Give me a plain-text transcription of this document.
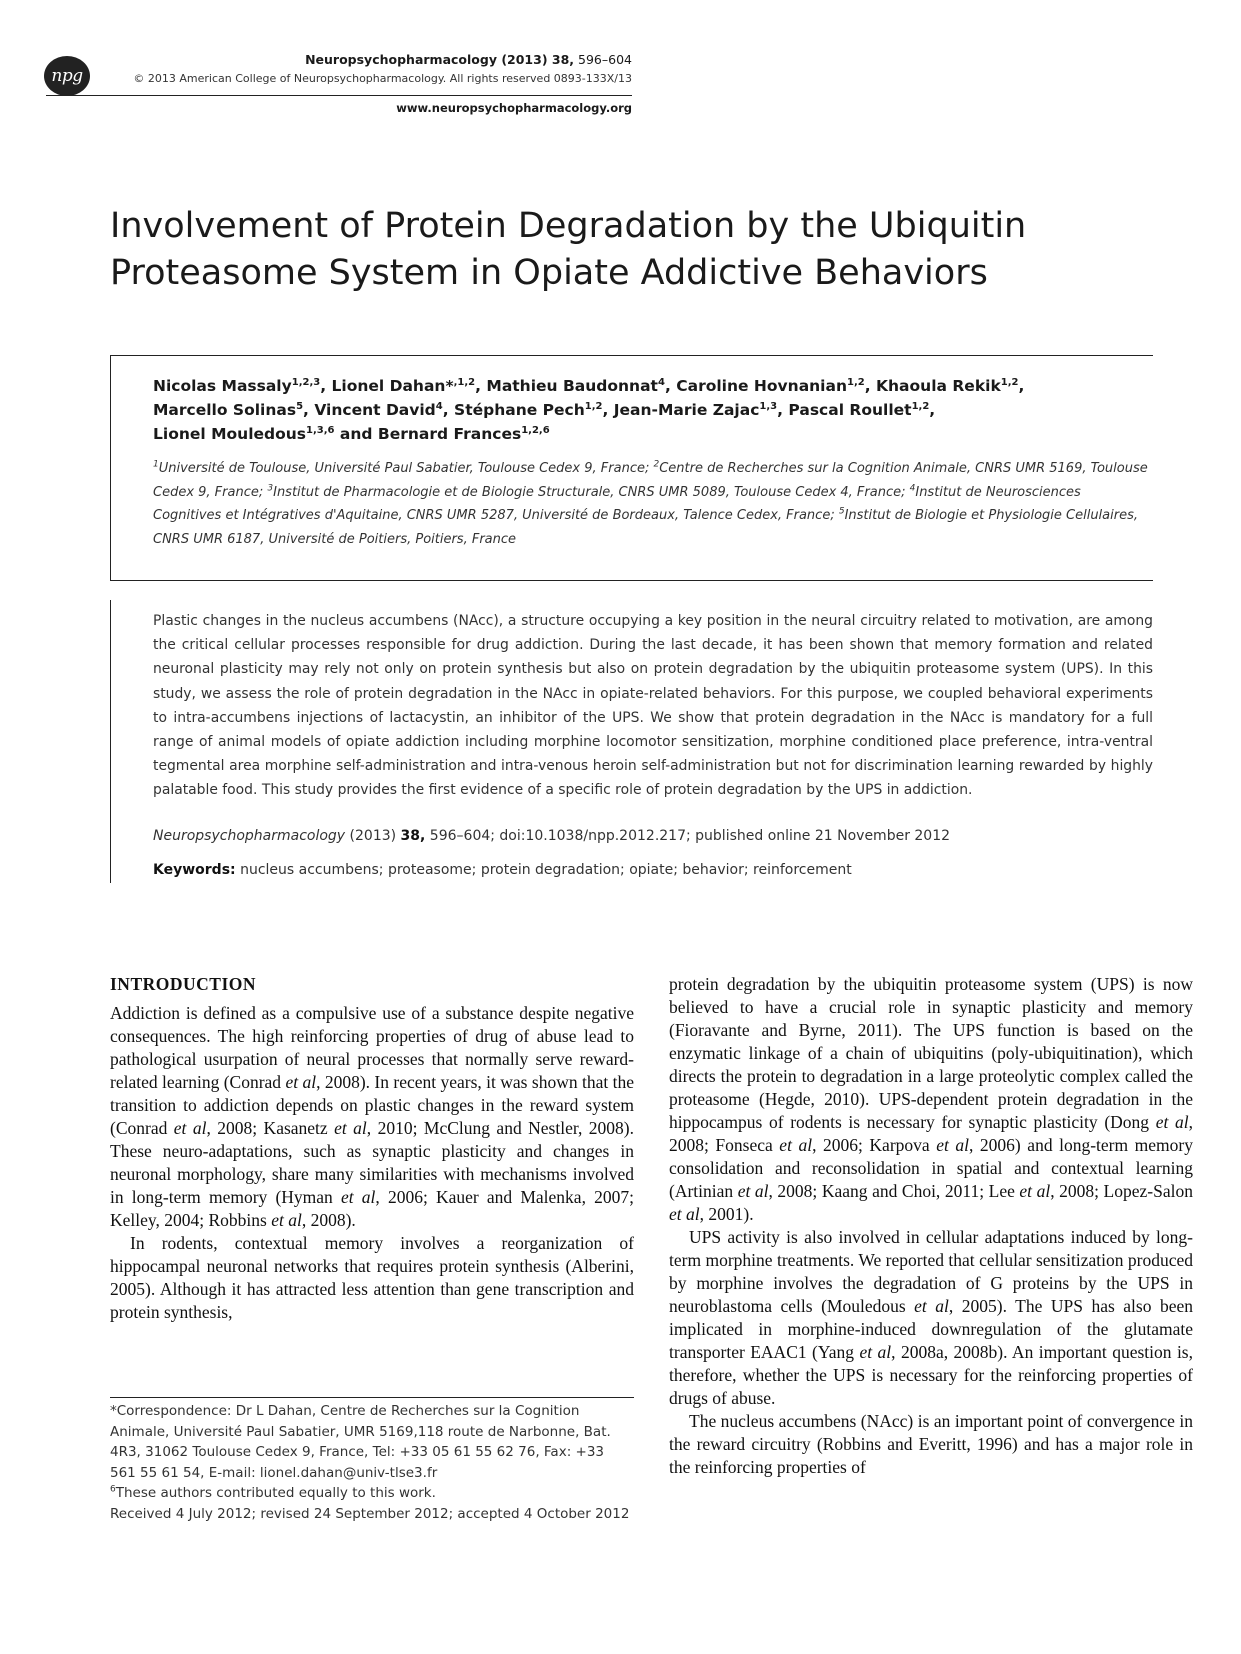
npg
Neuropsychopharmacology (2013) 38, 596–604
© 2013 American College of Neuropsychopharmacology. All rights reserved 0893-133X/13
www.neuropsychopharmacology.org
Involvement of Protein Degradation by the Ubiquitin Proteasome System in Opiate Addictive Behaviors
Nicolas Massaly$^{1,2,3}$, Lionel Dahan*$^{,1,2}$, Mathieu Baudonnat$^4$, Caroline Hovnanian$^{1,2}$, Khaoula Rekik$^{1,2}$,
Marcello Solinas$^5$, Vincent David$^4$, Stéphane Pech$^{1,2}$, Jean-Marie Zajac$^{1,3}$, Pascal Roullet$^{1,2}$,
Lionel Mouledous$^{1,3,6}$ and Bernard Frances$^{1,2,6}$
$^1$Université de Toulouse, Université Paul Sabatier, Toulouse Cedex 9, France; $^2$Centre de Recherches sur la Cognition Animale, CNRS UMR 5169, Toulouse Cedex 9, France; $^3$Institut de Pharmacologie et de Biologie Structurale, CNRS UMR 5089, Toulouse Cedex 4, France; $^4$Institut de Neurosciences Cognitives et Intégratives d'Aquitaine, CNRS UMR 5287, Université de Bordeaux, Talence Cedex, France; $^5$Institut de Biologie et Physiologie Cellulaires, CNRS UMR 6187, Université de Poitiers, Poitiers, France
Plastic changes in the nucleus accumbens (NAcc), a structure occupying a key position in the neural circuitry related to motivation, are among the critical cellular processes responsible for drug addiction. During the last decade, it has been shown that memory formation and related neuronal plasticity may rely not only on protein synthesis but also on protein degradation by the ubiquitin proteasome system (UPS). In this study, we assess the role of protein degradation in the NAcc in opiate-related behaviors. For this purpose, we coupled behavioral experiments to intra-accumbens injections of lactacystin, an inhibitor of the UPS. We show that protein degradation in the NAcc is mandatory for a full range of animal models of opiate addiction including morphine locomotor sensitization, morphine conditioned place preference, intra-ventral tegmental area morphine self-administration and intra-venous heroin self-administration but not for discrimination learning rewarded by highly palatable food. This study provides the first evidence of a specific role of protein degradation by the UPS in addiction.
Neuropsychopharmacology (2013) 38, 596–604; doi:10.1038/npp.2012.217; published online 21 November 2012
Keywords: nucleus accumbens; proteasome; protein degradation; opiate; behavior; reinforcement
INTRODUCTION

Addiction is defined as a compulsive use of a substance despite negative consequences. The high reinforcing properties of drug of abuse lead to pathological usurpation of neural processes that normally serve reward-related learning (Conrad et al, 2008). In recent years, it was shown that the transition to addiction depends on plastic changes in the reward system (Conrad et al, 2008; Kasanetz et al, 2010; McClung and Nestler, 2008). These neuro-adaptations, such as synaptic plasticity and changes in neuronal morphology, share many similarities with mechanisms involved in long-term memory (Hyman et al, 2006; Kauer and Malenka, 2007; Kelley, 2004; Robbins et al, 2008).

In rodents, contextual memory involves a reorganization of hippocampal neuronal networks that requires protein synthesis (Alberini, 2005). Although it has attracted less attention than gene transcription and protein synthesis,

protein degradation by the ubiquitin proteasome system (UPS) is now believed to have a crucial role in synaptic plasticity and memory (Fioravante and Byrne, 2011). The UPS function is based on the enzymatic linkage of a chain of ubiquitins (poly-ubiquitination), which directs the protein to degradation in a large proteolytic complex called the proteasome (Hegde, 2010). UPS-dependent protein degradation in the hippocampus of rodents is necessary for synaptic plasticity (Dong et al, 2008; Fonseca et al, 2006; Karpova et al, 2006) and long-term memory consolidation and reconsolidation in spatial and contextual learning (Artinian et al, 2008; Kaang and Choi, 2011; Lee et al, 2008; Lopez-Salon et al, 2001).

UPS activity is also involved in cellular adaptations induced by long-term morphine treatments. We reported that cellular sensitization produced by morphine involves the degradation of G proteins by the UPS in neuroblastoma cells (Mouledous et al, 2005). The UPS has also been implicated in morphine-induced downregulation of the glutamate transporter EAAC1 (Yang et al, 2008a, 2008b). An important question is, therefore, whether the UPS is necessary for the reinforcing properties of drugs of abuse.

The nucleus accumbens (NAcc) is an important point of convergence in the reward circuitry (Robbins and Everitt, 1996) and has a major role in the reinforcing properties of

*Correspondence: Dr L Dahan, Centre de Recherches sur la Cognition Animale, Université Paul Sabatier, UMR 5169,118 route de Narbonne, Bat. 4R3, 31062 Toulouse Cedex 9, France, Tel: +33 05 61 55 62 76, Fax: +33 561 55 61 54, E-mail: lionel.dahan@univ-tlse3.fr

$^6$These authors contributed equally to this work.

Received 4 July 2012; revised 24 September 2012; accepted 4 October 2012
